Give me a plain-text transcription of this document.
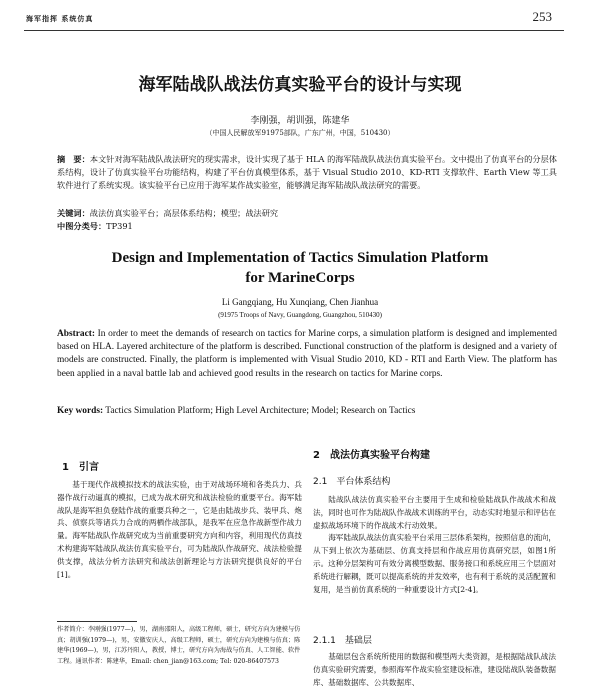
海军指挥 系统仿真	253
海军陆战队战法仿真实验平台的设计与实现
李刚强，胡训强，陈建华
（中国人民解放军91975部队，广东广州，中国，510430）
摘　要：本文针对海军陆战队战法研究的现实需求，设计实现了基于 HLA 的海军陆战队战法仿真实验平台。文中提出了仿真平台的分层体系结构，设计了仿真实验平台功能结构，构建了平台仿真模型体系，基于 Visual Studio 2010、KD-RTI 支撑软件、Earth View 等工具软件进行了系统实现。该实验平台已应用于海军某作战实验室，能够满足海军陆战队战法研究的需要。
关键词：战法仿真实验平台；高层体系结构；模型；战法研究
中图分类号：TP391
Design and Implementation of Tactics Simulation Platform
for MarineCorps
Li Gangqiang, Hu Xunqiang, Chen Jianhua
(91975 Troops of Navy, Guangdong, Guangzhou, 510430)
Abstract: In order to meet the demands of research on tactics for Marine corps, a simulation platform is designed and implemented based on HLA. Layered architecture of the platform is described. Functional construction of the platform is designed and a variety of models are constructed. Finally, the platform is implemented with Visual Studio 2010, KD - RTI and Earth View. The platform has been applied in a naval battle lab and achieved good results in the research on tactics for Marine corps.
Key words: Tactics Simulation Platform; High Level Architecture; Model; Research on Tactics
1　引言

基于现代作战模拟技术的战法实验，由于对战场环境和各类兵力、兵器作战行动逼真的模拟，已成为战术研究和战法检验的重要平台。海军陆战队是海军担负登陆作战的重要兵种之一，它是由陆战步兵、装甲兵、炮兵、侦察兵等诸兵力合成的两栖作战部队，是我军在应急作战新型作战力量。海军陆战队作战研究成为当前重要研究方向和内容，利用现代仿真技术构建海军陆战队战法仿真实验平台，可为陆战队作战研究、战法检验提供支撑，战法分析方法研究和战法创新理论与方法研究提供良好的平台[1]。

作者简介：李刚强(1977—)，男，湖南邵阳人，高级工程师，硕士，研究方向为建模与仿真；胡训强(1979—)，男，安徽安庆人，高级工程师，硕士，研究方向为建模与仿真；陈建华(1969—)，男，江苏丹阳人，教授，博士，研究方向为海战与仿真、人工智能、软件工程。通讯作者：陈建华，Email: chen_jian@163.com; Tel: 020-86407573
2　战法仿真实验平台构建
2.1　平台体系结构

陆战队战法仿真实验平台主要用于生成和检验陆战队作战战术和战法，同时也可作为陆战队作战战术训练的平台，动态实时地显示和评估在虚拟战场环境下的作战战术行动效果。

海军陆战队战法仿真实验平台采用三层体系架构，按照信息的流向，从下到上依次为基础层、仿真支持层和作战应用仿真研究层，如图1所示。这种分层架构可有效分离模型数据、服务接口和系统应用三个层面对系统进行解耦，既可以提高系统的并发效率，也有利于系统的灵活配置和复用，是当前仿真系统的一种重要设计方式[2-4]。

2.1.1　基础层

基础层包含系统所使用的数据和模型两大类资源，是根据陆战队战法仿真实验研究需要，参照海军作战实验室建设标准，建设陆战队装备数据库、基础数据库、公共数据库、
